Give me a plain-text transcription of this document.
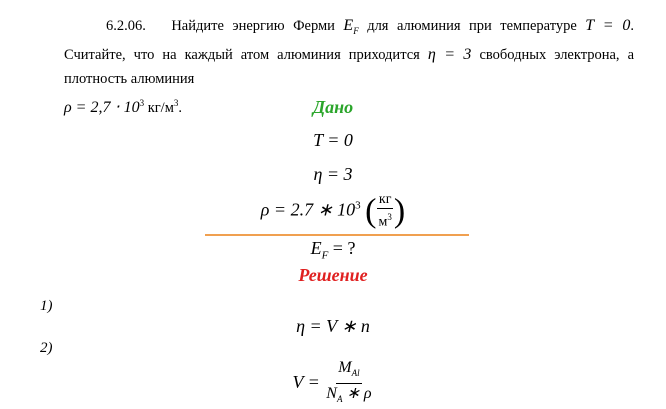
6.2.06. Найдите энергию Ферми $E_F$ для алюминия при температуре T = 0. Считайте, что на каждый атом алюминия приходится η = 3 свободных электрона, а плотность алюминия
$\rho = 2,7 \cdot 10^3$ $кг/м^3$.	Дано
T = 0
η = 3
ρ = 2.7 ∗ $10^3$ ( $\frac{кг}{м^3}$ )
$E_F$ = ?
Решение
1)
η = V ∗ n
2)
$V = \frac{M_{Al}}{N_A ∗ \rho}$
